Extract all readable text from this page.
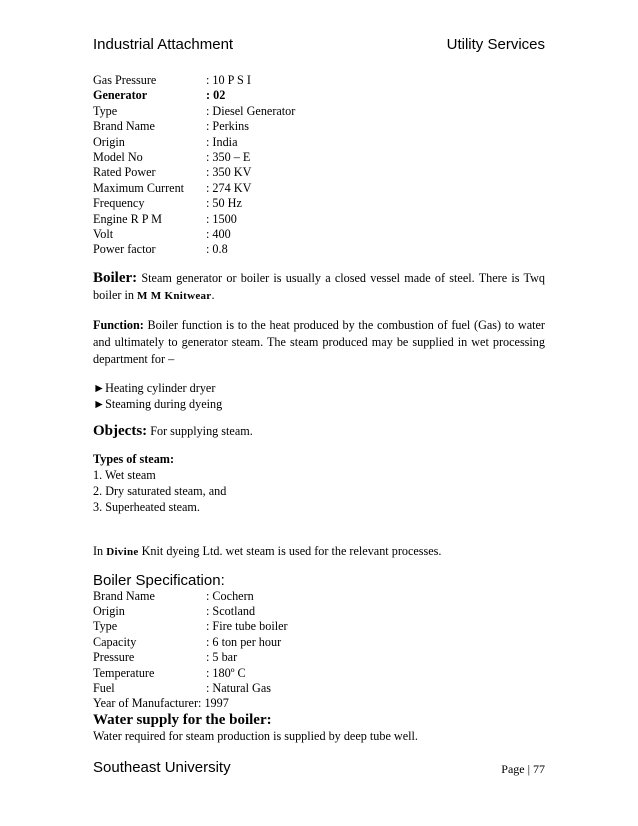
Industrial Attachment	Utility Services
Gas Pressure	: 10 P S I
Generator	: 02
Type	: Diesel Generator
Brand Name	: Perkins
Origin	: India
Model No	: 350 – E
Rated Power	: 350 KV
Maximum Current	: 274 KV
Frequency	: 50 Hz
Engine R P M	: 1500
Volt	: 400
Power factor	: 0.8

Boiler: Steam generator or boiler is usually a closed vessel made of steel. There is Twq boiler in M M Knitwear.

Function: Boiler function is to the heat produced by the combustion of fuel (Gas) to water and ultimately to generator steam. The steam produced may be supplied in wet processing department for –

►Heating cylinder dryer
►Steaming during dyeing
Objects: For supplying steam.
Types of steam:
1. Wet steam
2. Dry saturated steam, and
3. Superheated steam.
In Divine Knit dyeing Ltd. wet steam is used for the relevant processes.
Boiler Specification:
Brand Name	: Cochern
Origin	: Scotland
Type	: Fire tube boiler
Capacity	: 6 ton per hour
Pressure	: 5 bar
Temperature	: 180º C
Fuel	: Natural Gas
Year of Manufacturer: 1997
Water supply for the boiler:
Water required for steam production is supplied by deep tube well.
Southeast University	Page | 77
